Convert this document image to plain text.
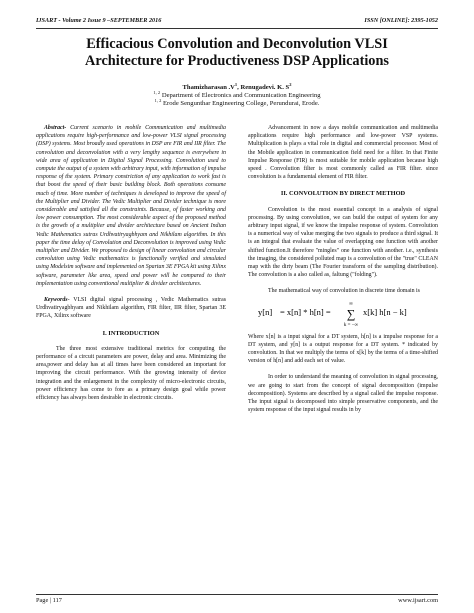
IJSART - Volume 2 Issue 9 –SEPTEMBER 2016	ISSN [ONLINE]: 2395-1052
Efficacious Convolution and Deconvolution VLSI
Architecture for Productiveness DSP Applications
Thamizharasan $.V^1$, Renugadevi. K. $S^2$
$^{1, 2}$ Department of Electronics and Communication Engineering
$^{1, 2}$ Erode Sengunthar Engineering College, Perundurai, Erode.

Abstract- Current scenario in mobile Communication and multimedia applications require high-performance and low-power VLSI signal processing (DSP) systems. Most broadly used operations in DSP are FIR and IIR filter. The convolution and deconvolution with a very lengthy sequence is everywhere in wide area of application in Digital Signal Processing. Convolution used to compute the output of a system with arbitrary input, with information of impulse response of the system. Primary constriction of any application to work fast is that boost the speed of their basic building block. Both operations consume much of time. More number of techniques is developed to improve the speed of the Multiplier and Divider. The Vedic Multiplier and Divider technique is more considerable and satisfied all the constraints. Because, of faster working and low power consumption. The most considerable aspect of the proposed method is the growth of a multiplier and divider architecture based on Ancient Indian Vedic Mathematics sutras Urdhvatiryagbhyam and Nikhilam algorithm. In this paper the time delay of Convolution and Deconvolution is improved using Vedic multiplier and Divider. We proposed to design of linear convolution and circular convolution using Vedic mathematics is functionally verified and simulated using Modelsim software and implemented on Spartan 3E FPGA kit using Xilinx software, parameter like area, speed and power will be compared to their implementation using conventional multiplier & divider architectures.

Keywords- VLSI digital signal processing , Vedic Mathematics sutras Urdhvatiryagbhyam and Nikhilam algorithm, FIR filter, IIR filter, Spartan 3E FPGA, Xilinx software

I. INTRODUCTION

The three most extensive traditional metrics for computing the performance of a circuit parameters are power, delay and area. Minimizing the area,power and delay has at all times have been considered an important for improving the circuit performance. With the growing intensity of device integration and the enlargement in the complexity of micro-electronic circuits, power efficiency has come to fore as a primary design goal while power efficiency has always been desirable in electronic circuits.

Advancement in now a days mobile communication and multimedia applications require high performance and low-power VSP systems. Multiplication is plays a vital role in digital and commercial processor. Most of the Mobile application in communication field need for a filter. In that Finite Impulse Response (FIR) is most suitable for mobile application because high speed . Convolution filter is most commonly called as FIR filter. since convolution is a fundamental element of FIR filter.

II. CONVOLUTION BY DIRECT METHOD

Convolution is the most essential concept in a analysis of signal processing. By using convolution, we can build the output of system for any arbitrary input signal, if we know the impulse response of system. Convolution is a numerical way of value merging the two signals to produce a third signal. It is an integral that evaluate the value of overlapping one function with another shifted function.It therefore "mingles" one function with another. i.e., synthesis the imaging, the considered polluted map is a convolution of the "true" CLEAN map with the dirty beam (The Fourier transform of the sampling distribution). The convolution is a also called as, faltung ("folding").

The mathematical way of convolution in discrete time domain is

y[n] = x[n] * h[n] =
∞
∑
k = −∞
x[k] h[n − k]

Where x[n] is a input signal for a DT system, h[n] is a impulse response for a DT system, and y[n] is a output response for a DT system. * indicated by convolution. In that we multiply the terms of x[k] by the terms of a time-shifted version of h[n] and add each set of value.

In order to understand the meaning of convolution in signal processing, we are going to start from the concept of signal decomposition (impulse decomposition). Systems are described by a signal called the impulse response. The input signal is decomposed into simple preservative components, and the system response of the input signal results in by

Page | 117	www.ijsart.com
